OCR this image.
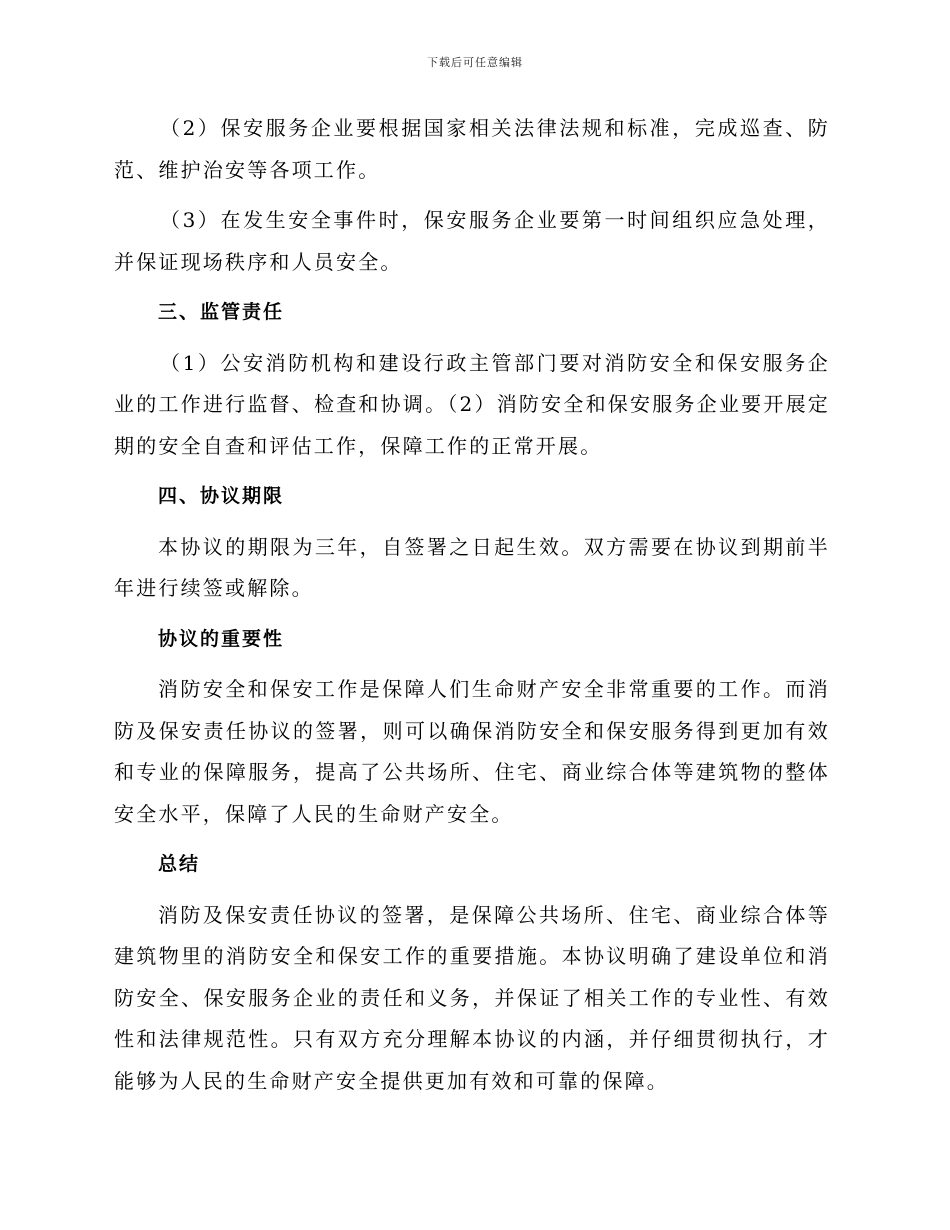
下载后可任意编辑

（2）保安服务企业要根据国家相关法律法规和标准，完成巡查、防范、维护治安等各项工作。

（3）在发生安全事件时，保安服务企业要第一时间组织应急处理，并保证现场秩序和人员安全。

三、监管责任

（1）公安消防机构和建设行政主管部门要对消防安全和保安服务企业的工作进行监督、检查和协调。（2）消防安全和保安服务企业要开展定期的安全自查和评估工作，保障工作的正常开展。

四、协议期限

本协议的期限为三年，自签署之日起生效。双方需要在协议到期前半年进行续签或解除。

协议的重要性

消防安全和保安工作是保障人们生命财产安全非常重要的工作。而消防及保安责任协议的签署，则可以确保消防安全和保安服务得到更加有效和专业的保障服务，提高了公共场所、住宅、商业综合体等建筑物的整体安全水平，保障了人民的生命财产安全。

总结

消防及保安责任协议的签署，是保障公共场所、住宅、商业综合体等建筑物里的消防安全和保安工作的重要措施。本协议明确了建设单位和消防安全、保安服务企业的责任和义务，并保证了相关工作的专业性、有效性和法律规范性。只有双方充分理解本协议的内涵，并仔细贯彻执行，才能够为人民的生命财产安全提供更加有效和可靠的保障。
